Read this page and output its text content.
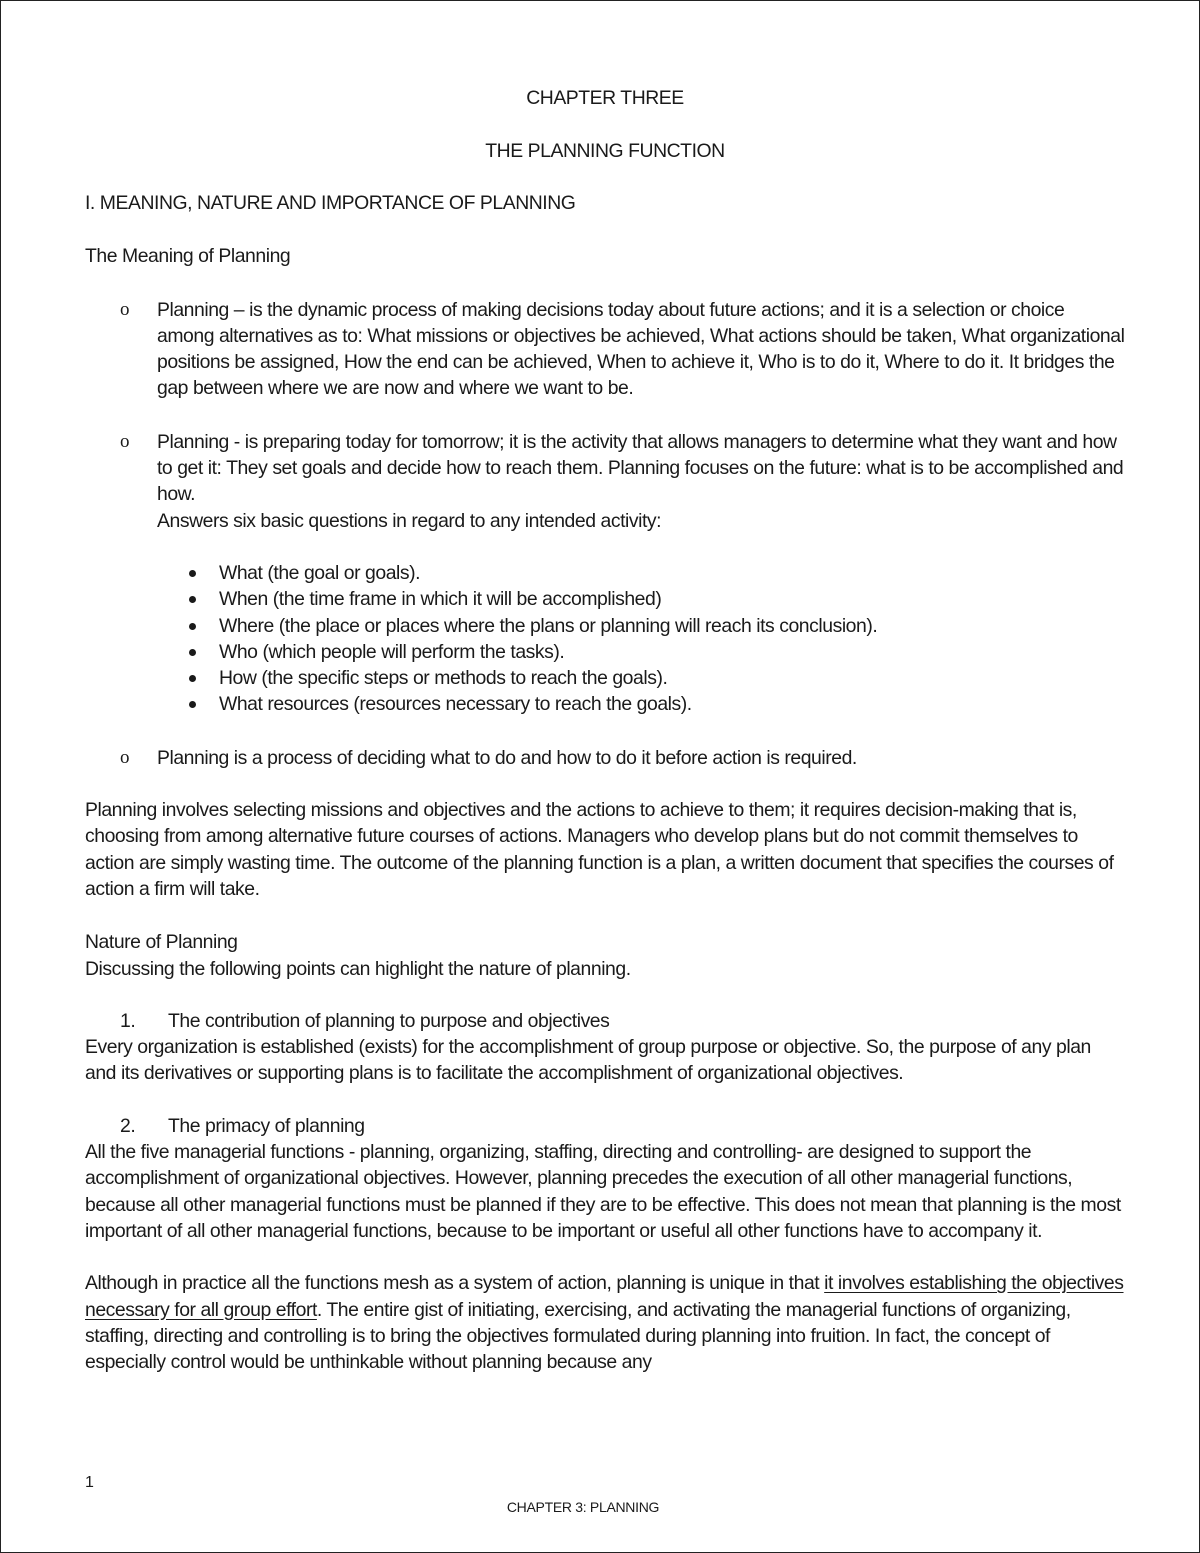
CHAPTER THREE
THE PLANNING FUNCTION
I. MEANING, NATURE AND IMPORTANCE OF PLANNING
The Meaning of Planning
o Planning – is the dynamic process of making decisions today about future actions; and it is a selection or choice among alternatives as to: What missions or objectives be achieved, What actions should be taken, What organizational positions be assigned, How the end can be achieved, When to achieve it, Who is to do it, Where to do it. It bridges the gap between where we are now and where we want to be.
o Planning - is preparing today for tomorrow; it is the activity that allows managers to determine what they want and how to get it: They set goals and decide how to reach them. Planning focuses on the future: what is to be accomplished and how.
Answers six basic questions in regard to any intended activity:
What (the goal or goals).
When (the time frame in which it will be accomplished)
Where (the place or places where the plans or planning will reach its conclusion).
Who (which people will perform the tasks).
How (the specific steps or methods to reach the goals).
What resources (resources necessary to reach the goals).
o Planning is a process of deciding what to do and how to do it before action is required.
Planning involves selecting missions and objectives and the actions to achieve to them; it requires decision-making that is, choosing from among alternative future courses of actions. Managers who develop plans but do not commit themselves to action are simply wasting time. The outcome of the planning function is a plan, a written document that specifies the courses of action a firm will take.
Nature of Planning
Discussing the following points can highlight the nature of planning.
1. The contribution of planning to purpose and objectives
Every organization is established (exists) for the accomplishment of group purpose or objective. So, the purpose of any plan and its derivatives or supporting plans is to facilitate the accomplishment of organizational objectives.
2. The primacy of planning
All the five managerial functions - planning, organizing, staffing, directing and controlling- are designed to support the accomplishment of organizational objectives. However, planning precedes the execution of all other managerial functions, because all other managerial functions must be planned if they are to be effective. This does not mean that planning is the most important of all other managerial functions, because to be important or useful all other functions have to accompany it.
Although in practice all the functions mesh as a system of action, planning is unique in that it involves establishing the objectives necessary for all group effort. The entire gist of initiating, exercising, and activating the managerial functions of organizing, staffing, directing and controlling is to bring the objectives formulated during planning into fruition. In fact, the concept of especially control would be unthinkable without planning because any
1
CHAPTER 3: PLANNING
